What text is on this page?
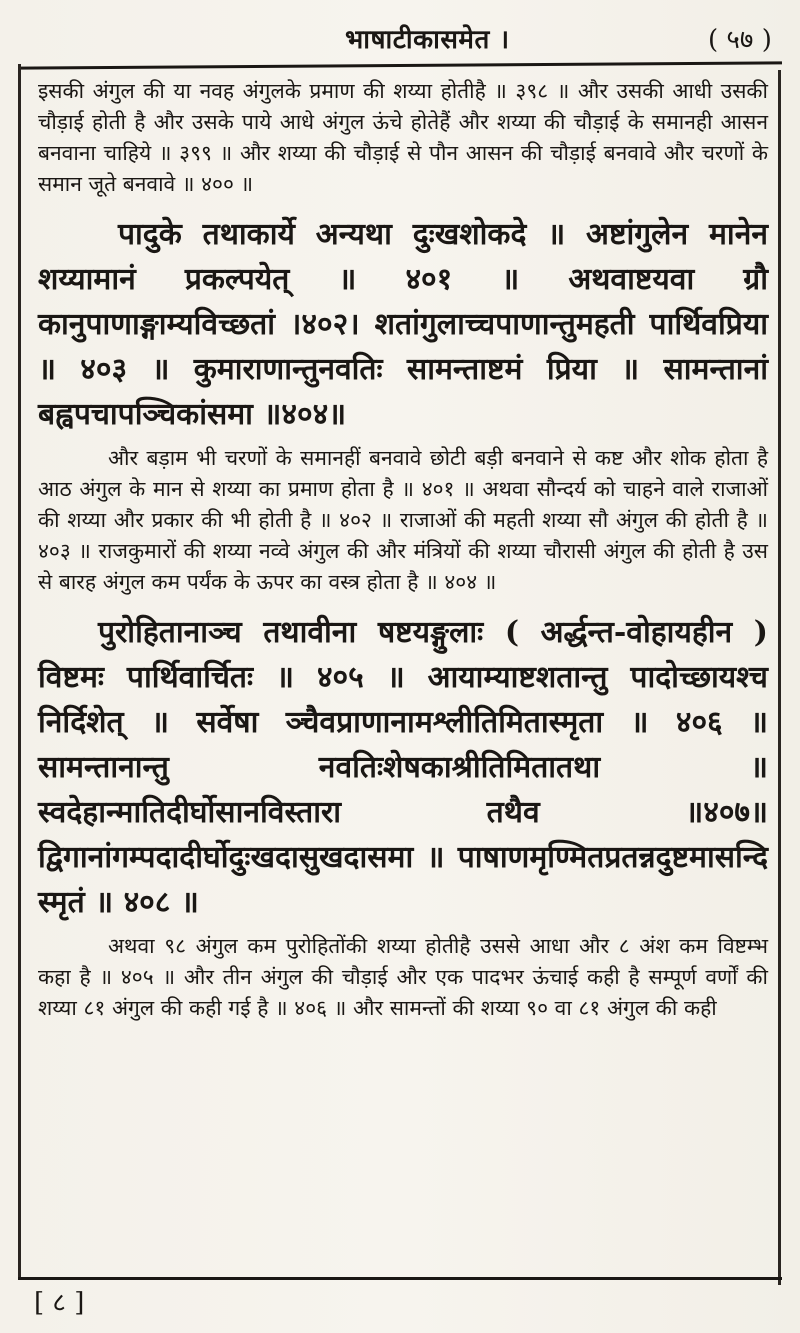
भाषाटीकासमेत ।	( ५७ )

इसकी अंगुल की या नवह अंगुलके प्रमाण की शय्या होतीहै ॥ ३९८ ॥ और उसकी आधी उसकी चौड़ाई होती है और उसके पाये आधे अंगुल ऊंचे होतेहैं और शय्या की चौड़ाई के समानही आसन बनवाना चाहिये ॥ ३९९ ॥ और शय्या की चौड़ाई से पौन आसन की चौड़ाई बनवावे और चरणों के समान जूते बनवावे ॥ ४०० ॥

पादुके तथाकार्ये अन्यथा दुःखशोकदे ॥ अष्टांगुलेन मानेन शय्यामानं प्रकल्पयेत् ॥ ४०१ ॥ अथवाष्टयवा ग्रौ कानुपाणाङ्गाम्यविच्छतां ।४०२। शतांगुलाच्चपाणान्तुमहती पार्थिवप्रिया ॥ ४०३ ॥ कुमाराणान्तुनवतिः सामन्ताष्टमं प्रिया ॥ सामन्तानां बह्वपचापञ्चिकांसमा ॥४०४॥

और बड़ाम भी चरणों के समानहीं बनवावे छोटी बड़ी बनवाने से कष्ट और शोक होता है आठ अंगुल के मान से शय्या का प्रमाण होता है ॥ ४०१ ॥ अथवा सौन्दर्य को चाहने वाले राजाओं की शय्या और प्रकार की भी होती है ॥ ४०२ ॥ राजाओं की महती शय्या सौ अंगुल की होती है ॥ ४०३ ॥ राजकुमारों की शय्या नव्वे अंगुल की और मंत्रियों की शय्या चौरासी अंगुल की होती है उस से बारह अंगुल कम पर्यंक के ऊपर का वस्त्र होता है ॥ ४०४ ॥

पुरोहितानाञ्च तथावीना षष्टयङ्गुलाः ( अर्द्धन्त-वोहायहीन ) विष्टमः पार्थिवार्चितः ॥ ४०५ ॥ आयाम्याष्टशतान्तु पादोच्छायश्च निर्दिशेत् ॥ सर्वेषा ञ्चैवप्राणानामश्लीतिमितास्मृता ॥ ४०६ ॥ सामन्तानान्तु नवतिःशेषकाश्रीतिमितातथा ॥ स्वदेहान्मातिदीर्घोसानविस्तारा तथैव ॥४०७॥ द्विगानांगम्पदादीर्घोदुःखदासुखदासमा ॥ पाषाणमृण्मितप्रतन्नदुष्टमासन्दि स्मृतं ॥ ४०८ ॥

अथवा ९८ अंगुल कम पुरोहितोंकी शय्या होतीहै उससे आधा और ८ अंश कम विष्टम्भ कहा है ॥ ४०५ ॥ और तीन अंगुल की चौड़ाई और एक पादभर ऊंचाई कही है सम्पूर्ण वर्णों की शय्या ८१ अंगुल की कही गई है ॥ ४०६ ॥ और सामन्तों की शय्या ९० वा ८१ अंगुल की कही

[ ८ ]
